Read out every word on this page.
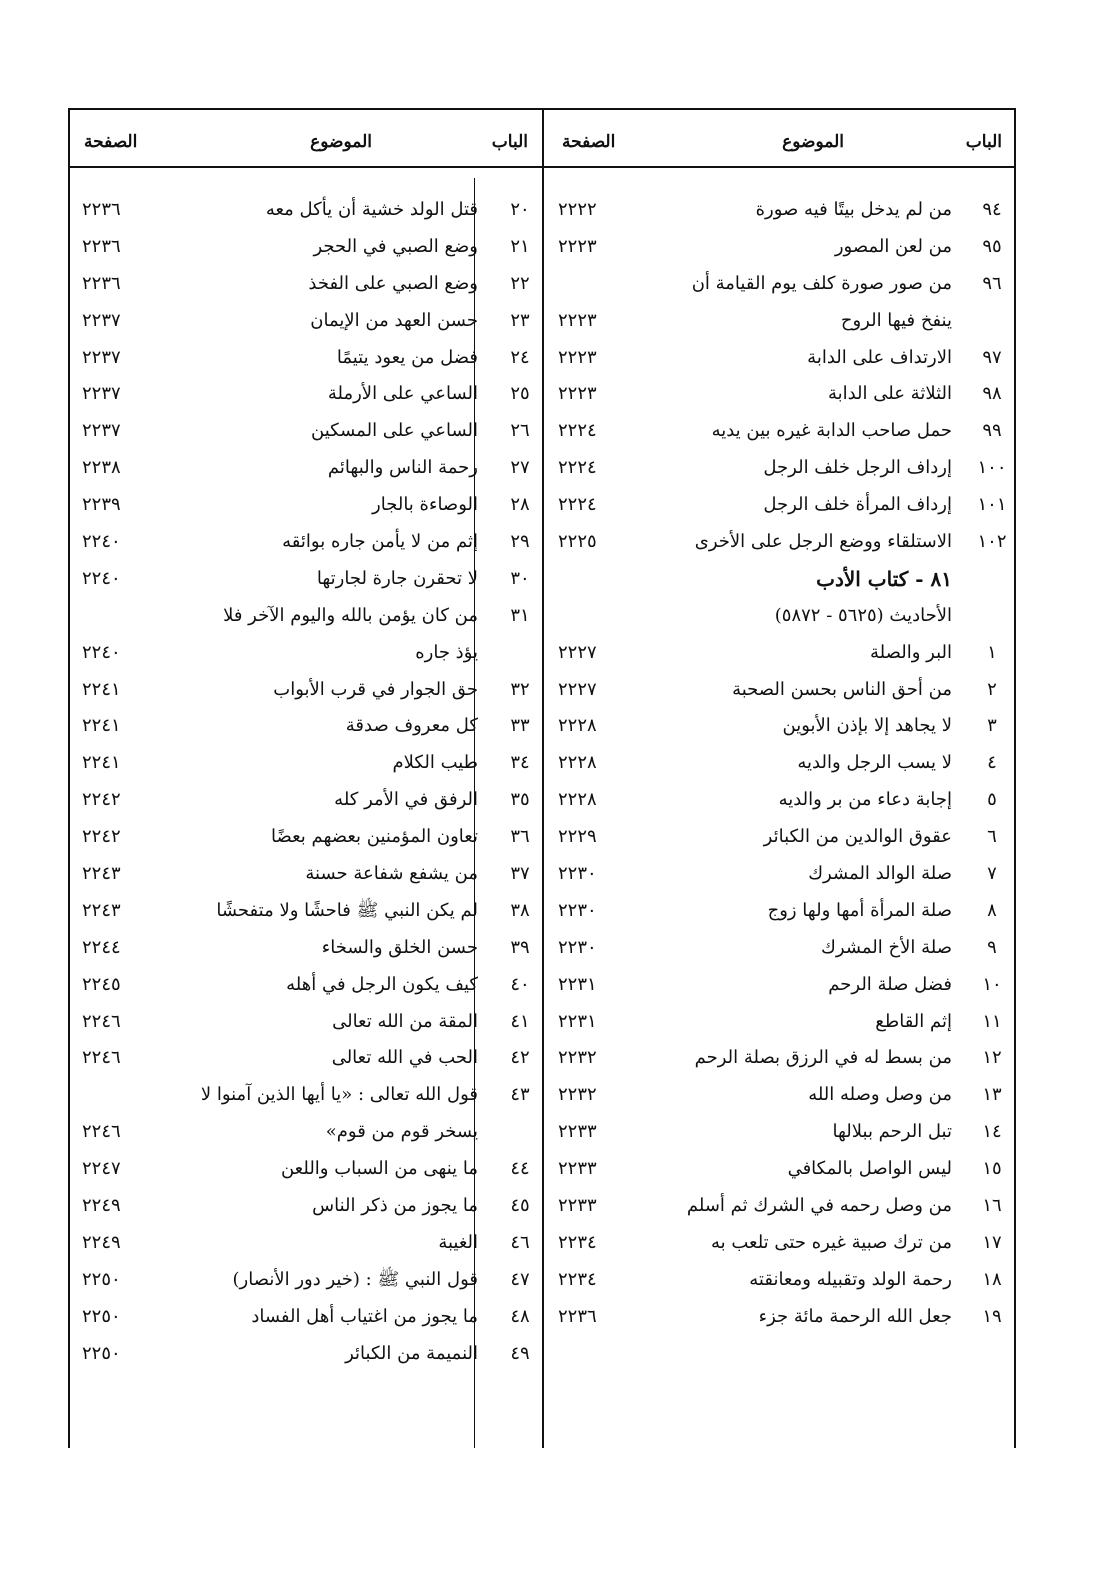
الباب
الموضوع
الصفحة
٩٤
من لم يدخل بيتًا فيه صورة
٢٢٢٢
٩٥
من لعن المصور
٢٢٢٣
٩٦
من صور صورة كلف يوم القيامة أن
ينفخ فيها الروح
٢٢٢٣
٩٧
الارتداف على الدابة
٢٢٢٣
٩٨
الثلاثة على الدابة
٢٢٢٣
٩٩
حمل صاحب الدابة غيره بين يديه
٢٢٢٤
١٠٠
إرداف الرجل خلف الرجل
٢٢٢٤
١٠١
إرداف المرأة خلف الرجل
٢٢٢٤
١٠٢
الاستلقاء ووضع الرجل على الأخرى
٢٢٢٥
٨١ - كتاب الأدب
الأحاديث (٥٦٢٥ - ٥٨٧٢)
١
البر والصلة
٢٢٢٧
٢
من أحق الناس بحسن الصحبة
٢٢٢٧
٣
لا يجاهد إلا بإذن الأبوين
٢٢٢٨
٤
لا يسب الرجل والديه
٢٢٢٨
٥
إجابة دعاء من بر والديه
٢٢٢٨
٦
عقوق الوالدين من الكبائر
٢٢٢٩
٧
صلة الوالد المشرك
٢٢٣٠
٨
صلة المرأة أمها ولها زوج
٢٢٣٠
٩
صلة الأخ المشرك
٢٢٣٠
١٠
فضل صلة الرحم
٢٢٣١
١١
إثم القاطع
٢٢٣١
١٢
من بسط له في الرزق بصلة الرحم
٢٢٣٢
١٣
من وصل وصله الله
٢٢٣٢
١٤
تبل الرحم ببلالها
٢٢٣٣
١٥
ليس الواصل بالمكافي
٢٢٣٣
١٦
من وصل رحمه في الشرك ثم أسلم
٢٢٣٣
١٧
من ترك صبية غيره حتى تلعب به
٢٢٣٤
١٨
رحمة الولد وتقبيله ومعانقته
٢٢٣٤
١٩
جعل الله الرحمة مائة جزء
٢٢٣٦
الباب
الموضوع
الصفحة
٢٠
قتل الولد خشية أن يأكل معه
٢٢٣٦
٢١
وضع الصبي في الحجر
٢٢٣٦
٢٢
وضع الصبي على الفخذ
٢٢٣٦
٢٣
حسن العهد من الإيمان
٢٢٣٧
٢٤
فضل من يعود يتيمًا
٢٢٣٧
٢٥
الساعي على الأرملة
٢٢٣٧
٢٦
الساعي على المسكين
٢٢٣٧
٢٧
رحمة الناس والبهائم
٢٢٣٨
٢٨
الوصاءة بالجار
٢٢٣٩
٢٩
إثم من لا يأمن جاره بوائقه
٢٢٤٠
٣٠
لا تحقرن جارة لجارتها
٢٢٤٠
٣١
من كان يؤمن بالله واليوم الآخر فلا
يؤذ جاره
٢٢٤٠
٣٢
حق الجوار في قرب الأبواب
٢٢٤١
٣٣
كل معروف صدقة
٢٢٤١
٣٤
طيب الكلام
٢٢٤١
٣٥
الرفق في الأمر كله
٢٢٤٢
٣٦
تعاون المؤمنين بعضهم بعضًا
٢٢٤٢
٣٧
من يشفع شفاعة حسنة
٢٢٤٣
٣٨
لم يكن النبي ﷺ فاحشًا ولا متفحشًا
٢٢٤٣
٣٩
حسن الخلق والسخاء
٢٢٤٤
٤٠
كيف يكون الرجل في أهله
٢٢٤٥
٤١
المقة من الله تعالى
٢٢٤٦
٤٢
الحب في الله تعالى
٢٢٤٦
٤٣
قول الله تعالى : «يا أيها الذين آمنوا لا
يسخر قوم من قوم»
٢٢٤٦
٤٤
ما ينهى من السباب واللعن
٢٢٤٧
٤٥
ما يجوز من ذكر الناس
٢٢٤٩
٤٦
الغيبة
٢٢٤٩
٤٧
قول النبي ﷺ : (خير دور الأنصار)
٢٢٥٠
٤٨
ما يجوز من اغتياب أهل الفساد
٢٢٥٠
٤٩
النميمة من الكبائر
٢٢٥٠
